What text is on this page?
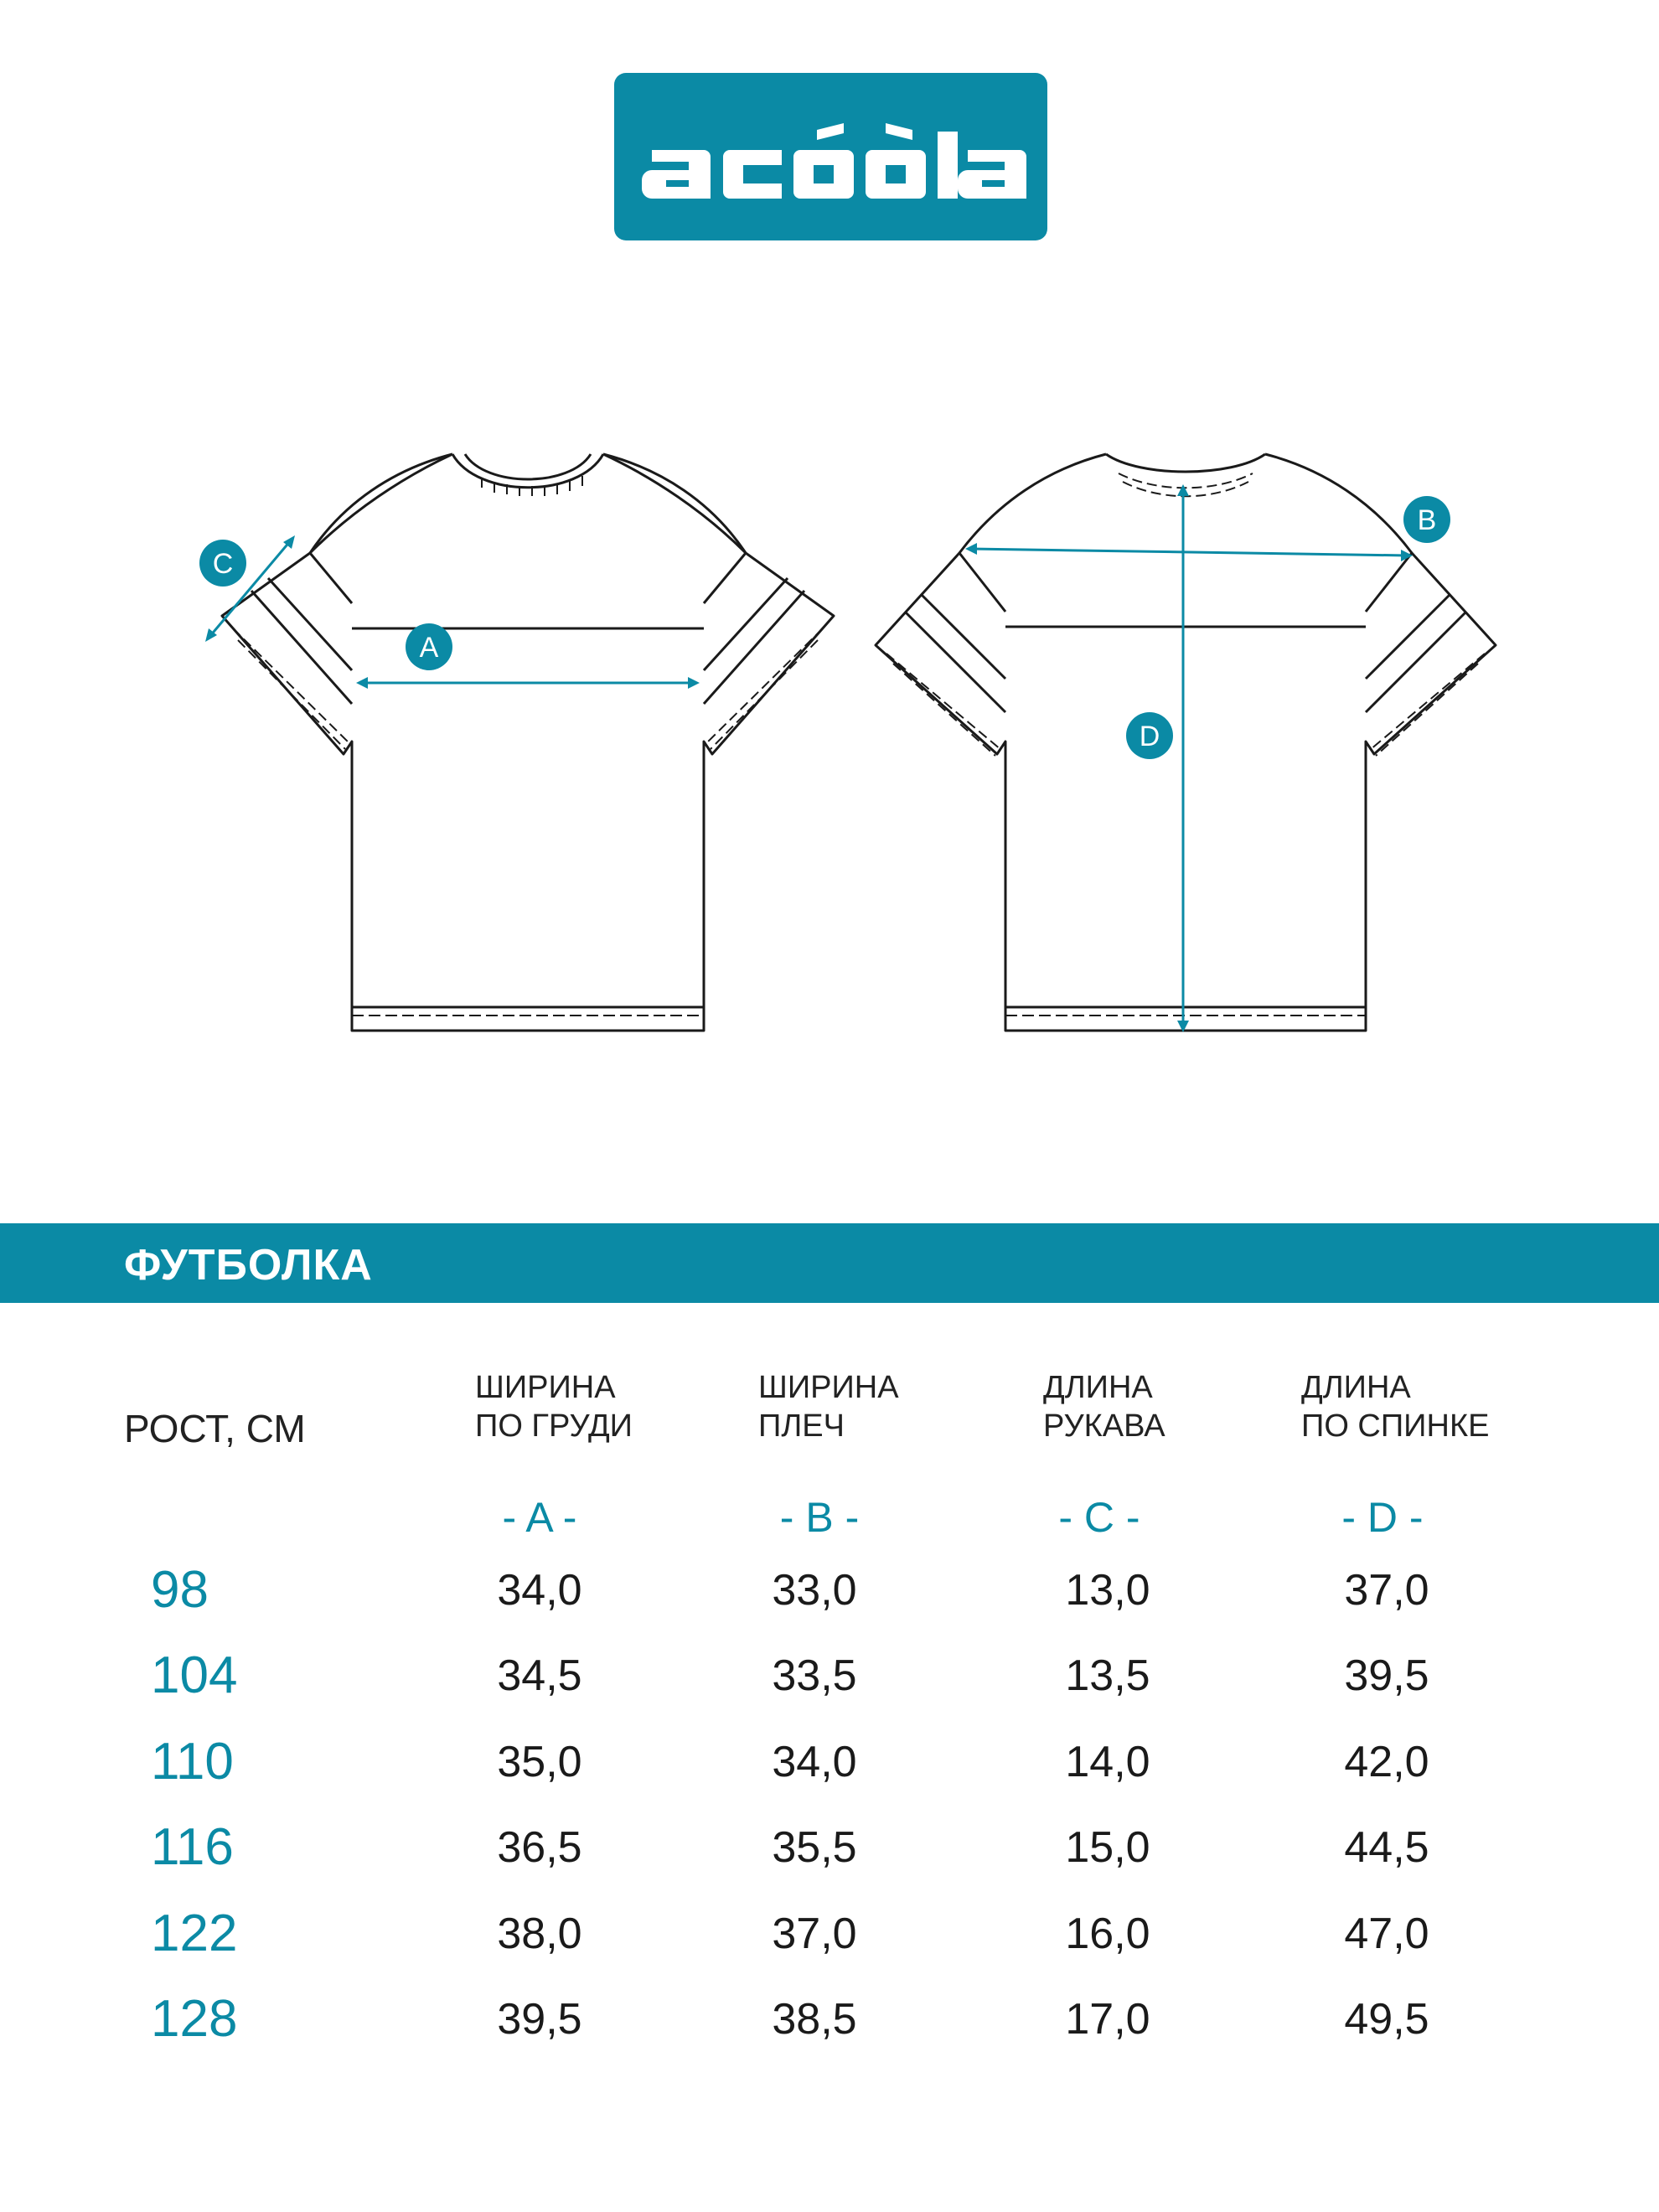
A
B
C
D
ФУТБОЛКА
РОСТ, СМ
ШИРИНА
ПО ГРУДИ
ШИРИНА
ПЛЕЧ
ДЛИНА
РУКАВА
ДЛИНА
ПО СПИНКЕ
- A -	- B -	- C -	- D -
98	34,0	33,0	13,0	37,0
104	34,5	33,5	13,5	39,5
110	35,0	34,0	14,0	42,0
116	36,5	35,5	15,0	44,5
122	38,0	37,0	16,0	47,0
128	39,5	38,5	17,0	49,5
